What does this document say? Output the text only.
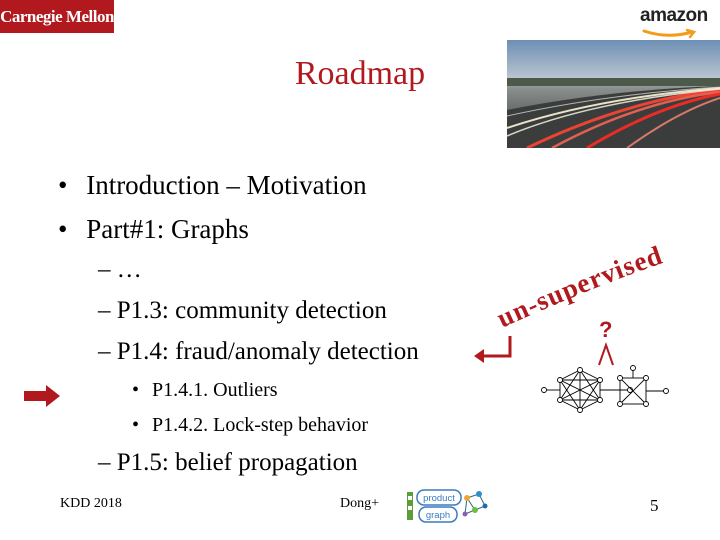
Carnegie Mellon	amazon
Roadmap
• Introduction – Motivation
• Part#1: Graphs
– …
– P1.3: community detection
– P1.4: fraud/anomaly detection
• P1.4.1. Outliers
• P1.4.2. Lock-step behavior
– P1.5: belief propagation
un-supervised
?
KDD 2018	Dong+	product
graph
5
